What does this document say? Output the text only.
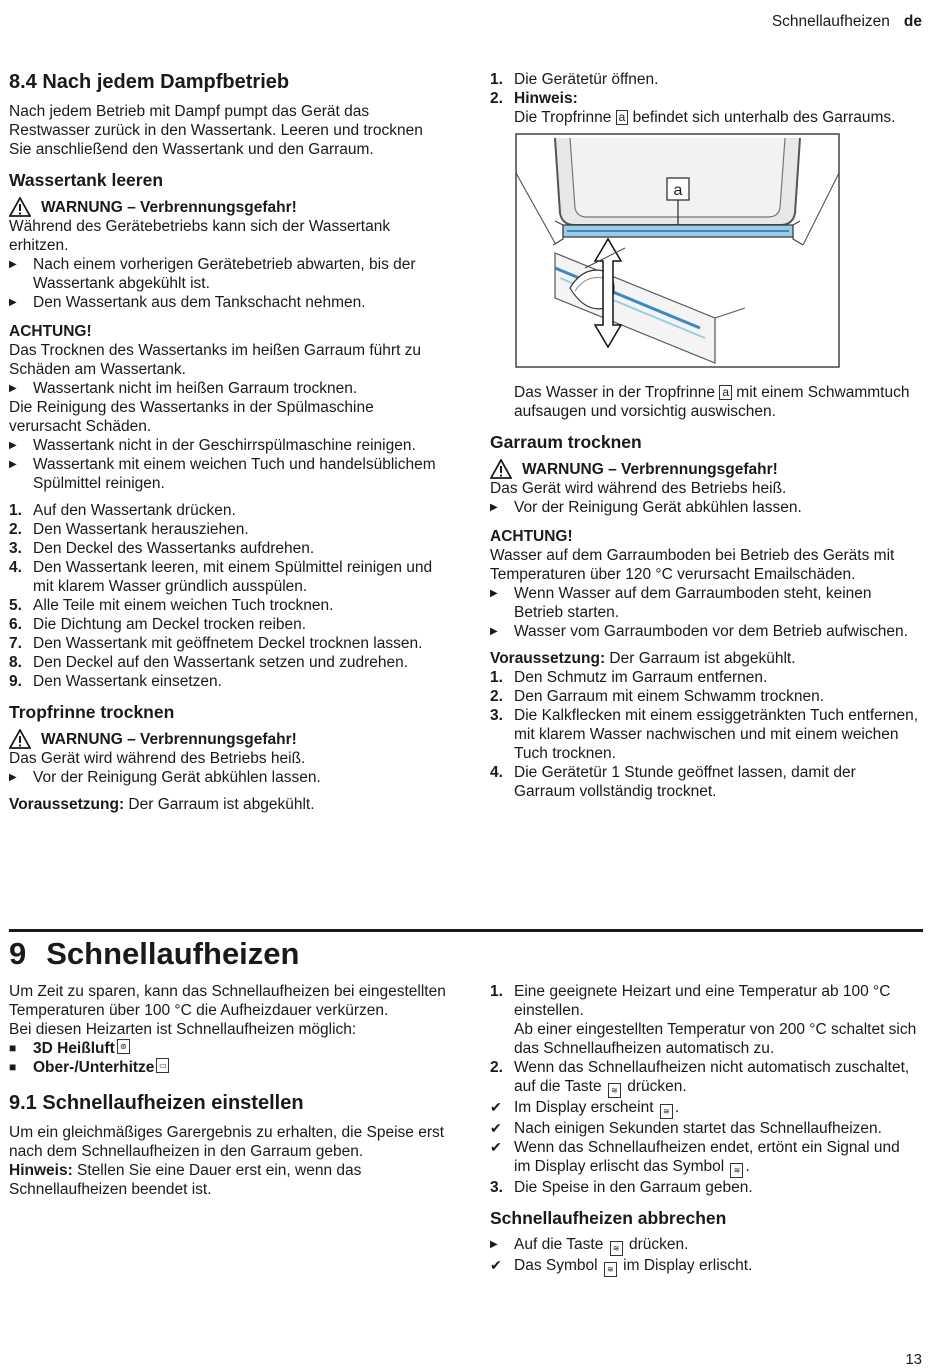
Schnellaufheizen de
8.4 Nach jedem Dampfbetrieb

Nach jedem Betrieb mit Dampf pumpt das Gerät das Restwasser zurück in den Wassertank. Leeren und trocknen Sie anschließend den Wassertank und den Garraum.

Wassertank leeren
WARNUNG – Verbrennungsgefahr!

Während des Gerätebetriebs kann sich der Wassertank erhitzen.

▶	Nach einem vorherigen Gerätebetrieb abwarten, bis der Wassertank abgekühlt ist.
▶	Den Wassertank aus dem Tankschacht nehmen.
ACHTUNG!

Das Trocknen des Wassertanks im heißen Garraum führt zu Schäden am Wassertank.

▶	Wassertank nicht im heißen Garraum trocknen.

Die Reinigung des Wassertanks in der Spülmaschine verursacht Schäden.

▶	Wassertank nicht in der Geschirrspülmaschine reinigen.
▶	Wassertank mit einem weichen Tuch und handelsüblichem Spülmittel reinigen.
1. Auf den Wassertank drücken.
2. Den Wassertank herausziehen.
3. Den Deckel des Wassertanks aufdrehen.
4. Den Wassertank leeren, mit einem Spülmittel reinigen und mit klarem Wasser gründlich ausspülen.
5. Alle Teile mit einem weichen Tuch trocknen.
6. Die Dichtung am Deckel trocken reiben.
7. Den Wassertank mit geöffnetem Deckel trocknen lassen.
8. Den Deckel auf den Wassertank setzen und zudrehen.
9. Den Wassertank einsetzen.
Tropfrinne trocknen
WARNUNG – Verbrennungsgefahr!

Das Gerät wird während des Betriebs heiß.

▶	Vor der Reinigung Gerät abkühlen lassen.

Voraussetzung: Der Garraum ist abgekühlt.

1. Die Gerätetür öffnen.
2. Hinweis:
Die Tropfrinne a befindet sich unterhalb des Garraums.
a
Das Wasser in der Tropfrinne a mit einem Schwammtuch aufsaugen und vorsichtig auswischen.
Garraum trocknen
WARNUNG – Verbrennungsgefahr!

Das Gerät wird während des Betriebs heiß.

▶	Vor der Reinigung Gerät abkühlen lassen.
ACHTUNG!

Wasser auf dem Garraumboden bei Betrieb des Geräts mit Temperaturen über 120 °C verursacht Emailschäden.

▶	Wenn Wasser auf dem Garraumboden steht, keinen Betrieb starten.
▶	Wasser vom Garraumboden vor dem Betrieb aufwischen.

Voraussetzung: Der Garraum ist abgekühlt.

1. Den Schmutz im Garraum entfernen.
2. Den Garraum mit einem Schwamm trocknen.
3. Die Kalkflecken mit einem essiggetränkten Tuch entfernen, mit klarem Wasser nachwischen und mit einem weichen Tuch trocknen.
4. Die Gerätetür 1 Stunde geöffnet lassen, damit der Garraum vollständig trocknet.
9 Schnellaufheizen

Um Zeit zu sparen, kann das Schnellaufheizen bei eingestellten Temperaturen über 100 °C die Aufheizdauer verkürzen.

Bei diesen Heizarten ist Schnellaufheizen möglich:

■	3D Heißluft ⊛
■	Ober-/Unterhitze ▭
9.1 Schnellaufheizen einstellen

Um ein gleichmäßiges Garergebnis zu erhalten, die Speise erst nach dem Schnellaufheizen in den Garraum geben.

Hinweis: Stellen Sie eine Dauer erst ein, wenn das Schnellaufheizen beendet ist.

1. Eine geeignete Heizart und eine Temperatur ab 100 °C einstellen.
Ab einer eingestellten Temperatur von 200 °C schaltet sich das Schnellaufheizen automatisch zu.
2. Wenn das Schnellaufheizen nicht automatisch zuschaltet, auf die Taste ≋ drücken.
✔ Im Display erscheint ≋ .
✔ Nach einigen Sekunden startet das Schnellaufheizen.
✔ Wenn das Schnellaufheizen endet, ertönt ein Signal und im Display erlischt das Symbol ≋ .
3. Die Speise in den Garraum geben.
Schnellaufheizen abbrechen
▶	Auf die Taste ≋ drücken.
✔ Das Symbol ≋ im Display erlischt.
13
